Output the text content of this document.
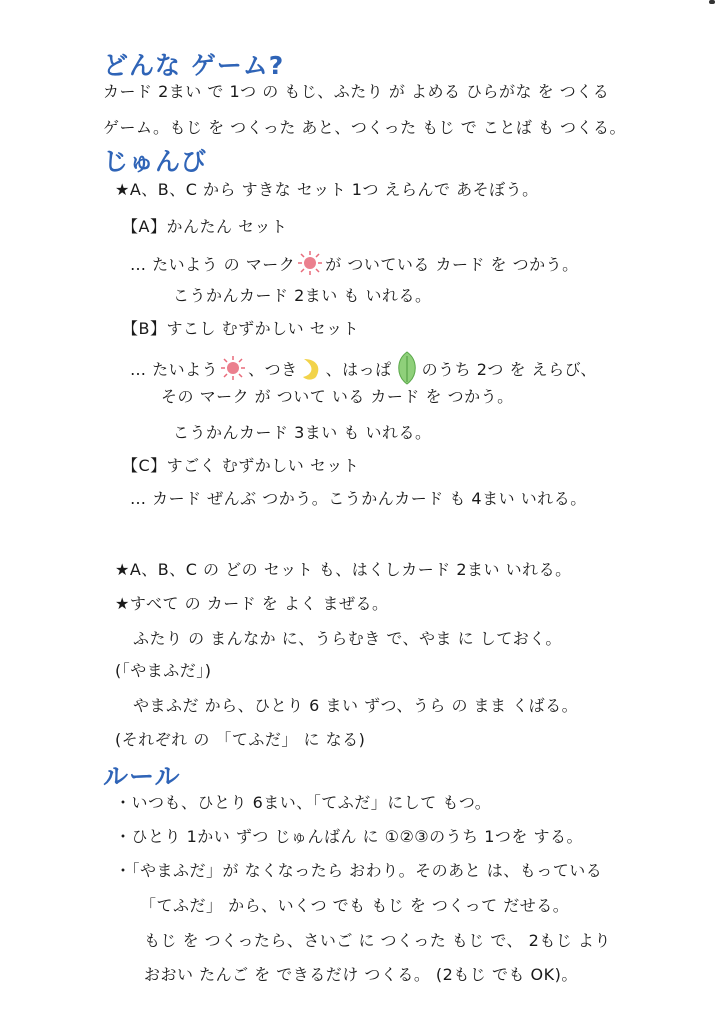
どんな ゲーム?
カード 2まい で 1つ の もじ、ふたり が よめる ひらがな を つくる
ゲーム。もじ を つくった あと、つくった もじ で ことば も つくる。
じゅんび
★A、B、C から すきな セット 1つ えらんで あそぼう。
【A】かんたん セット
… たいよう の マーク が ついている カード を つかう。
こうかんカード 2まい も いれる。
【B】すこし むずかしい セット
… たいよう 、つき 、はっぱ のうち 2つ を えらび、
その マーク が ついて いる カード を つかう。
こうかんカード 3まい も いれる。
【C】すごく むずかしい セット
… カード ぜんぶ つかう。こうかんカード も 4まい いれる。
★A、B、C の どの セット も、はくしカード 2まい いれる。
★すべて の カード を よく まぜる。
ふたり の まんなか に、うらむき で、やま に しておく。
(「やまふだ」)
やまふだ から、ひとり 6 まい ずつ、うら の まま くばる。
(それぞれ の 「てふだ」 に なる)
ルール
・いつも、ひとり 6まい、「てふだ」にして もつ。
・ひとり 1かい ずつ じゅんばん に ①②③のうち 1つを する。
・「やまふだ」が なくなったら おわり。そのあと は、もっている
「てふだ」 から、いくつ でも もじ を つくって だせる。
もじ を つくったら、さいご に つくった もじ で、 2もじ より
おおい たんご を できるだけ つくる。 (2もじ でも OK)。
